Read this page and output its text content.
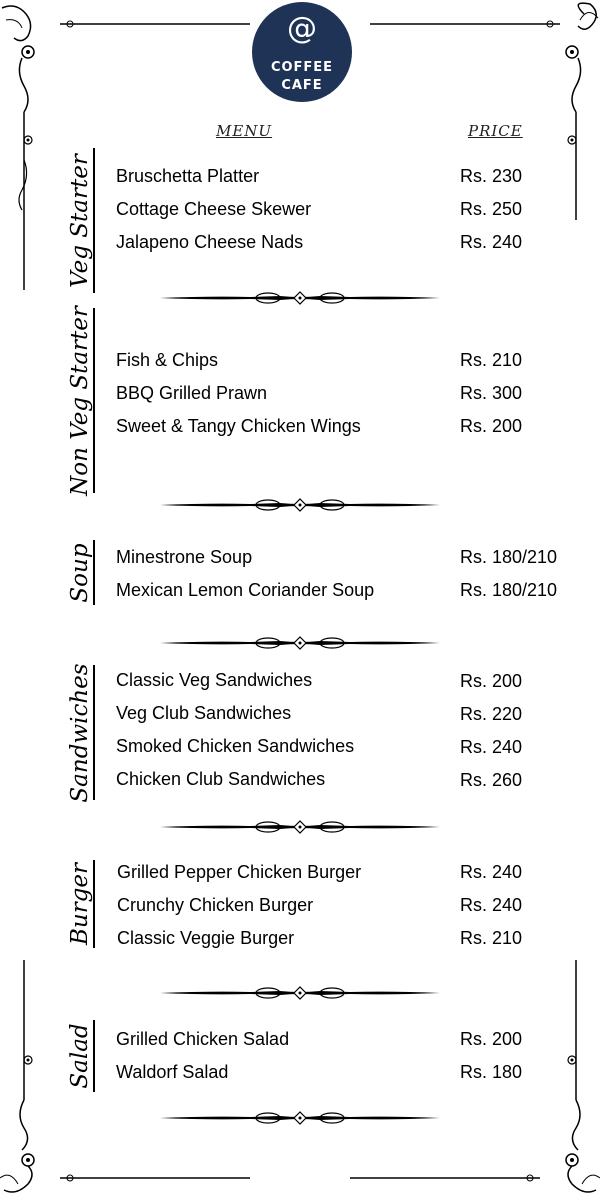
@
COFFEE
CAFE
MENU	PRICE
Veg Starter Bruschetta Platter	Rs. 230
Cottage Cheese Skewer	Rs. 250
Jalapeno Cheese Nads	Rs. 240
Non Veg Starter Fish & Chips	Rs. 210
BBQ Grilled Prawn	Rs. 300
Sweet & Tangy Chicken Wings	Rs. 200
Soup Minestrone Soup	Rs. 180/210
Mexican Lemon Coriander Soup	Rs. 180/210
Sandwiches Classic Veg Sandwiches	Rs. 200
Veg Club Sandwiches	Rs. 220
Smoked Chicken Sandwiches	Rs. 240
Chicken Club Sandwiches	Rs. 260
Burger Grilled Pepper Chicken Burger	Rs. 240
Crunchy Chicken Burger	Rs. 240
Classic Veggie Burger	Rs. 210
Salad Grilled Chicken Salad	Rs. 200
Waldorf Salad	Rs. 180
